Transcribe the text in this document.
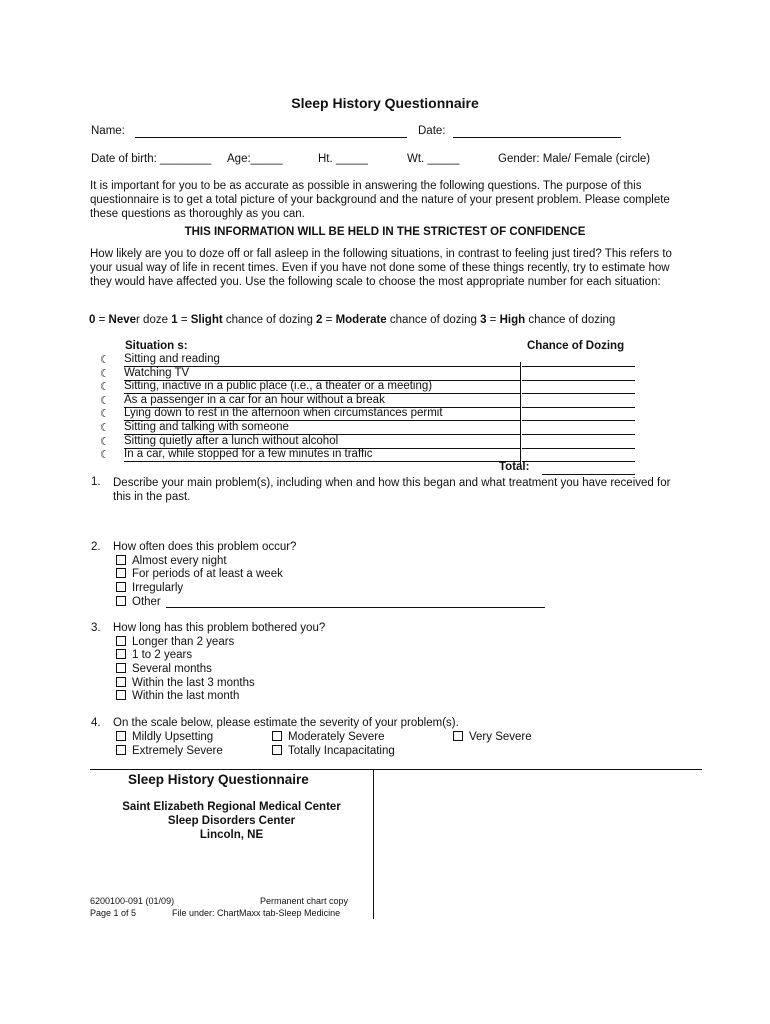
Sleep History Questionnaire
Name:	Date:
Date of birth: ________ Age:_____	Ht. _____	Wt. _____	Gender: Male/ Female (circle)
It is important for you to be as accurate as possible in answering the following questions. The purpose of this questionnaire is to get a total picture of your background and the nature of your present problem. Please complete these questions as thoroughly as you can.
THIS INFORMATION WILL BE HELD IN THE STRICTEST OF CONFIDENCE
How likely are you to doze off or fall asleep in the following situations, in contrast to feeling just tired? This refers to your usual way of life in recent times. Even if you have not done some of these things recently, try to estimate how they would have affected you. Use the following scale to choose the most appropriate number for each situation:
0 = Never doze 1 = Slight chance of dozing 2 = Moderate chance of dozing 3 = High chance of dozing
Situation s:	Chance of Dozing
☾ Sitting and reading
☾ Watching TV
☾ Sitting, inactive in a public place (i.e., a theater or a meeting)
☾ As a passenger in a car for an hour without a break
☾ Lying down to rest in the afternoon when circumstances permit
☾ Sitting and talking with someone
☾ Sitting quietly after a lunch without alcohol
☾ In a car, while stopped for a few minutes in traffic
Total:
1. Describe your main problem(s), including when and how this began and what treatment you have received for this in the past.
2. How often does this problem occur?
Almost every night
For periods of at least a week
Irregularly
Other
3. How long has this problem bothered you?
Longer than 2 years
1 to 2 years
Several months
Within the last 3 months
Within the last month
4. On the scale below, please estimate the severity of your problem(s).
Mildly Upsetting	Moderately Severe	Very Severe
Extremely Severe	Totally Incapacitating
Sleep History Questionnaire
Saint Elizabeth Regional Medical Center
Sleep Disorders Center
Lincoln, NE
6200100-091 (01/09)	Permanent chart copy
Page 1 of 5	File under: ChartMaxx tab-Sleep Medicine
